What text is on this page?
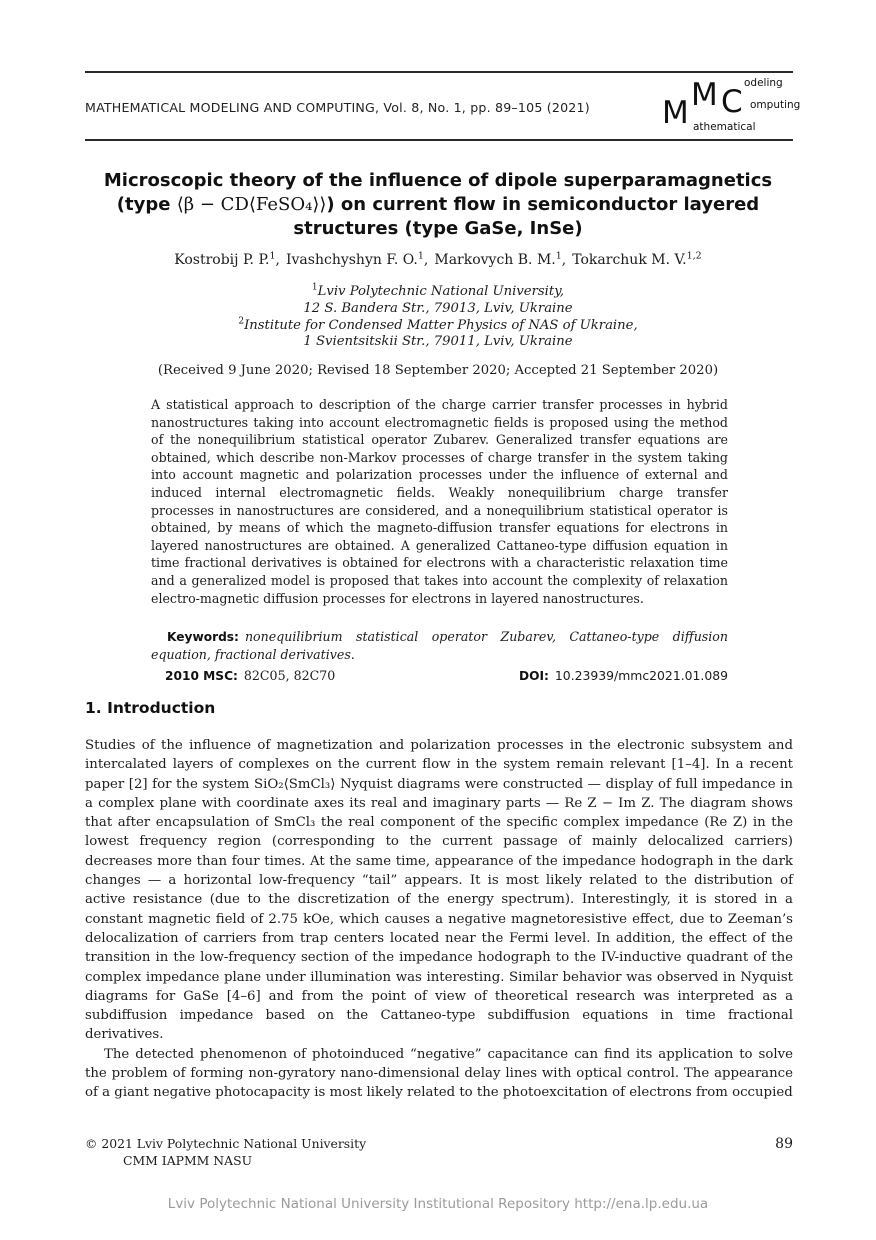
MATHEMATICAL MODELING AND COMPUTING, Vol. 8, No. 1, pp. 89–105 (2021) M M C
odeling
omputing
athematical
Microscopic theory of the influence of dipole superparamagnetics
(type ⟨β − CD⟨FeSO₄⟩⟩) on current flow in semiconductor layered
structures (type GaSe, InSe)
Kostrobij P. P.$^1$, Ivashchyshyn F. O.$^1$, Markovych B. M.$^1$, Tokarchuk M. V.$^{1,2}$
$^1$Lviv Polytechnic National University,
12 S. Bandera Str., 79013, Lviv, Ukraine
$^2$Institute for Condensed Matter Physics of NAS of Ukraine,
1 Svientsitskii Str., 79011, Lviv, Ukraine
(Received 9 June 2020; Revised 18 September 2020; Accepted 21 September 2020)
A statistical approach to description of the charge carrier transfer processes in hybrid nanostructures taking into account electromagnetic fields is proposed using the method of the nonequilibrium statistical operator Zubarev. Generalized transfer equations are obtained, which describe non-Markov processes of charge transfer in the system taking into account magnetic and polarization processes under the influence of external and induced internal electromagnetic fields. Weakly nonequilibrium charge transfer processes in nanostructures are considered, and a nonequilibrium statistical operator is obtained, by means of which the magneto-diffusion transfer equations for electrons in layered nanostructures are obtained. A generalized Cattaneo-type diffusion equation in time fractional derivatives is obtained for electrons with a characteristic relaxation time and a generalized model is proposed that takes into account the complexity of relaxation electro-magnetic diffusion processes for electrons in layered nanostructures.
Keywords: nonequilibrium statistical operator Zubarev, Cattaneo-type diffusion equation, fractional derivatives.
2010 MSC: 82C05, 82C70	DOI: 10.23939/mmc2021.01.089
1. Introduction

Studies of the influence of magnetization and polarization processes in the electronic subsystem and intercalated layers of complexes on the current flow in the system remain relevant [1–4]. In a recent paper [2] for the system SiO₂⟨SmCl₃⟩ Nyquist diagrams were constructed — display of full impedance in a complex plane with coordinate axes its real and imaginary parts — Re Z − Im Z. The diagram shows that after encapsulation of SmCl₃ the real component of the specific complex impedance (Re Z) in the lowest frequency region (corresponding to the current passage of mainly delocalized carriers) decreases more than four times. At the same time, appearance of the impedance hodograph in the dark changes — a horizontal low-frequency “tail” appears. It is most likely related to the distribution of active resistance (due to the discretization of the energy spectrum). Interestingly, it is stored in a constant magnetic field of 2.75 kOe, which causes a negative magnetoresistive effect, due to Zeeman’s delocalization of carriers from trap centers located near the Fermi level. In addition, the effect of the transition in the low-frequency section of the impedance hodograph to the IV-inductive quadrant of the complex impedance plane under illumination was interesting. Similar behavior was observed in Nyquist diagrams for GaSe [4–6] and from the point of view of theoretical research was interpreted as a subdiffusion impedance based on the Cattaneo-type subdiffusion equations in time fractional derivatives.

The detected phenomenon of photoinduced “negative” capacitance can find its application to solve the problem of forming non-gyratory nano-dimensional delay lines with optical control. The appearance of a giant negative photocapacity is most likely related to the photoexcitation of electrons from occupied

© 2021 Lviv Polytechnic National University
CMM IAPMM NASU
89
Lviv Polytechnic National University Institutional Repository http://ena.lp.edu.ua
